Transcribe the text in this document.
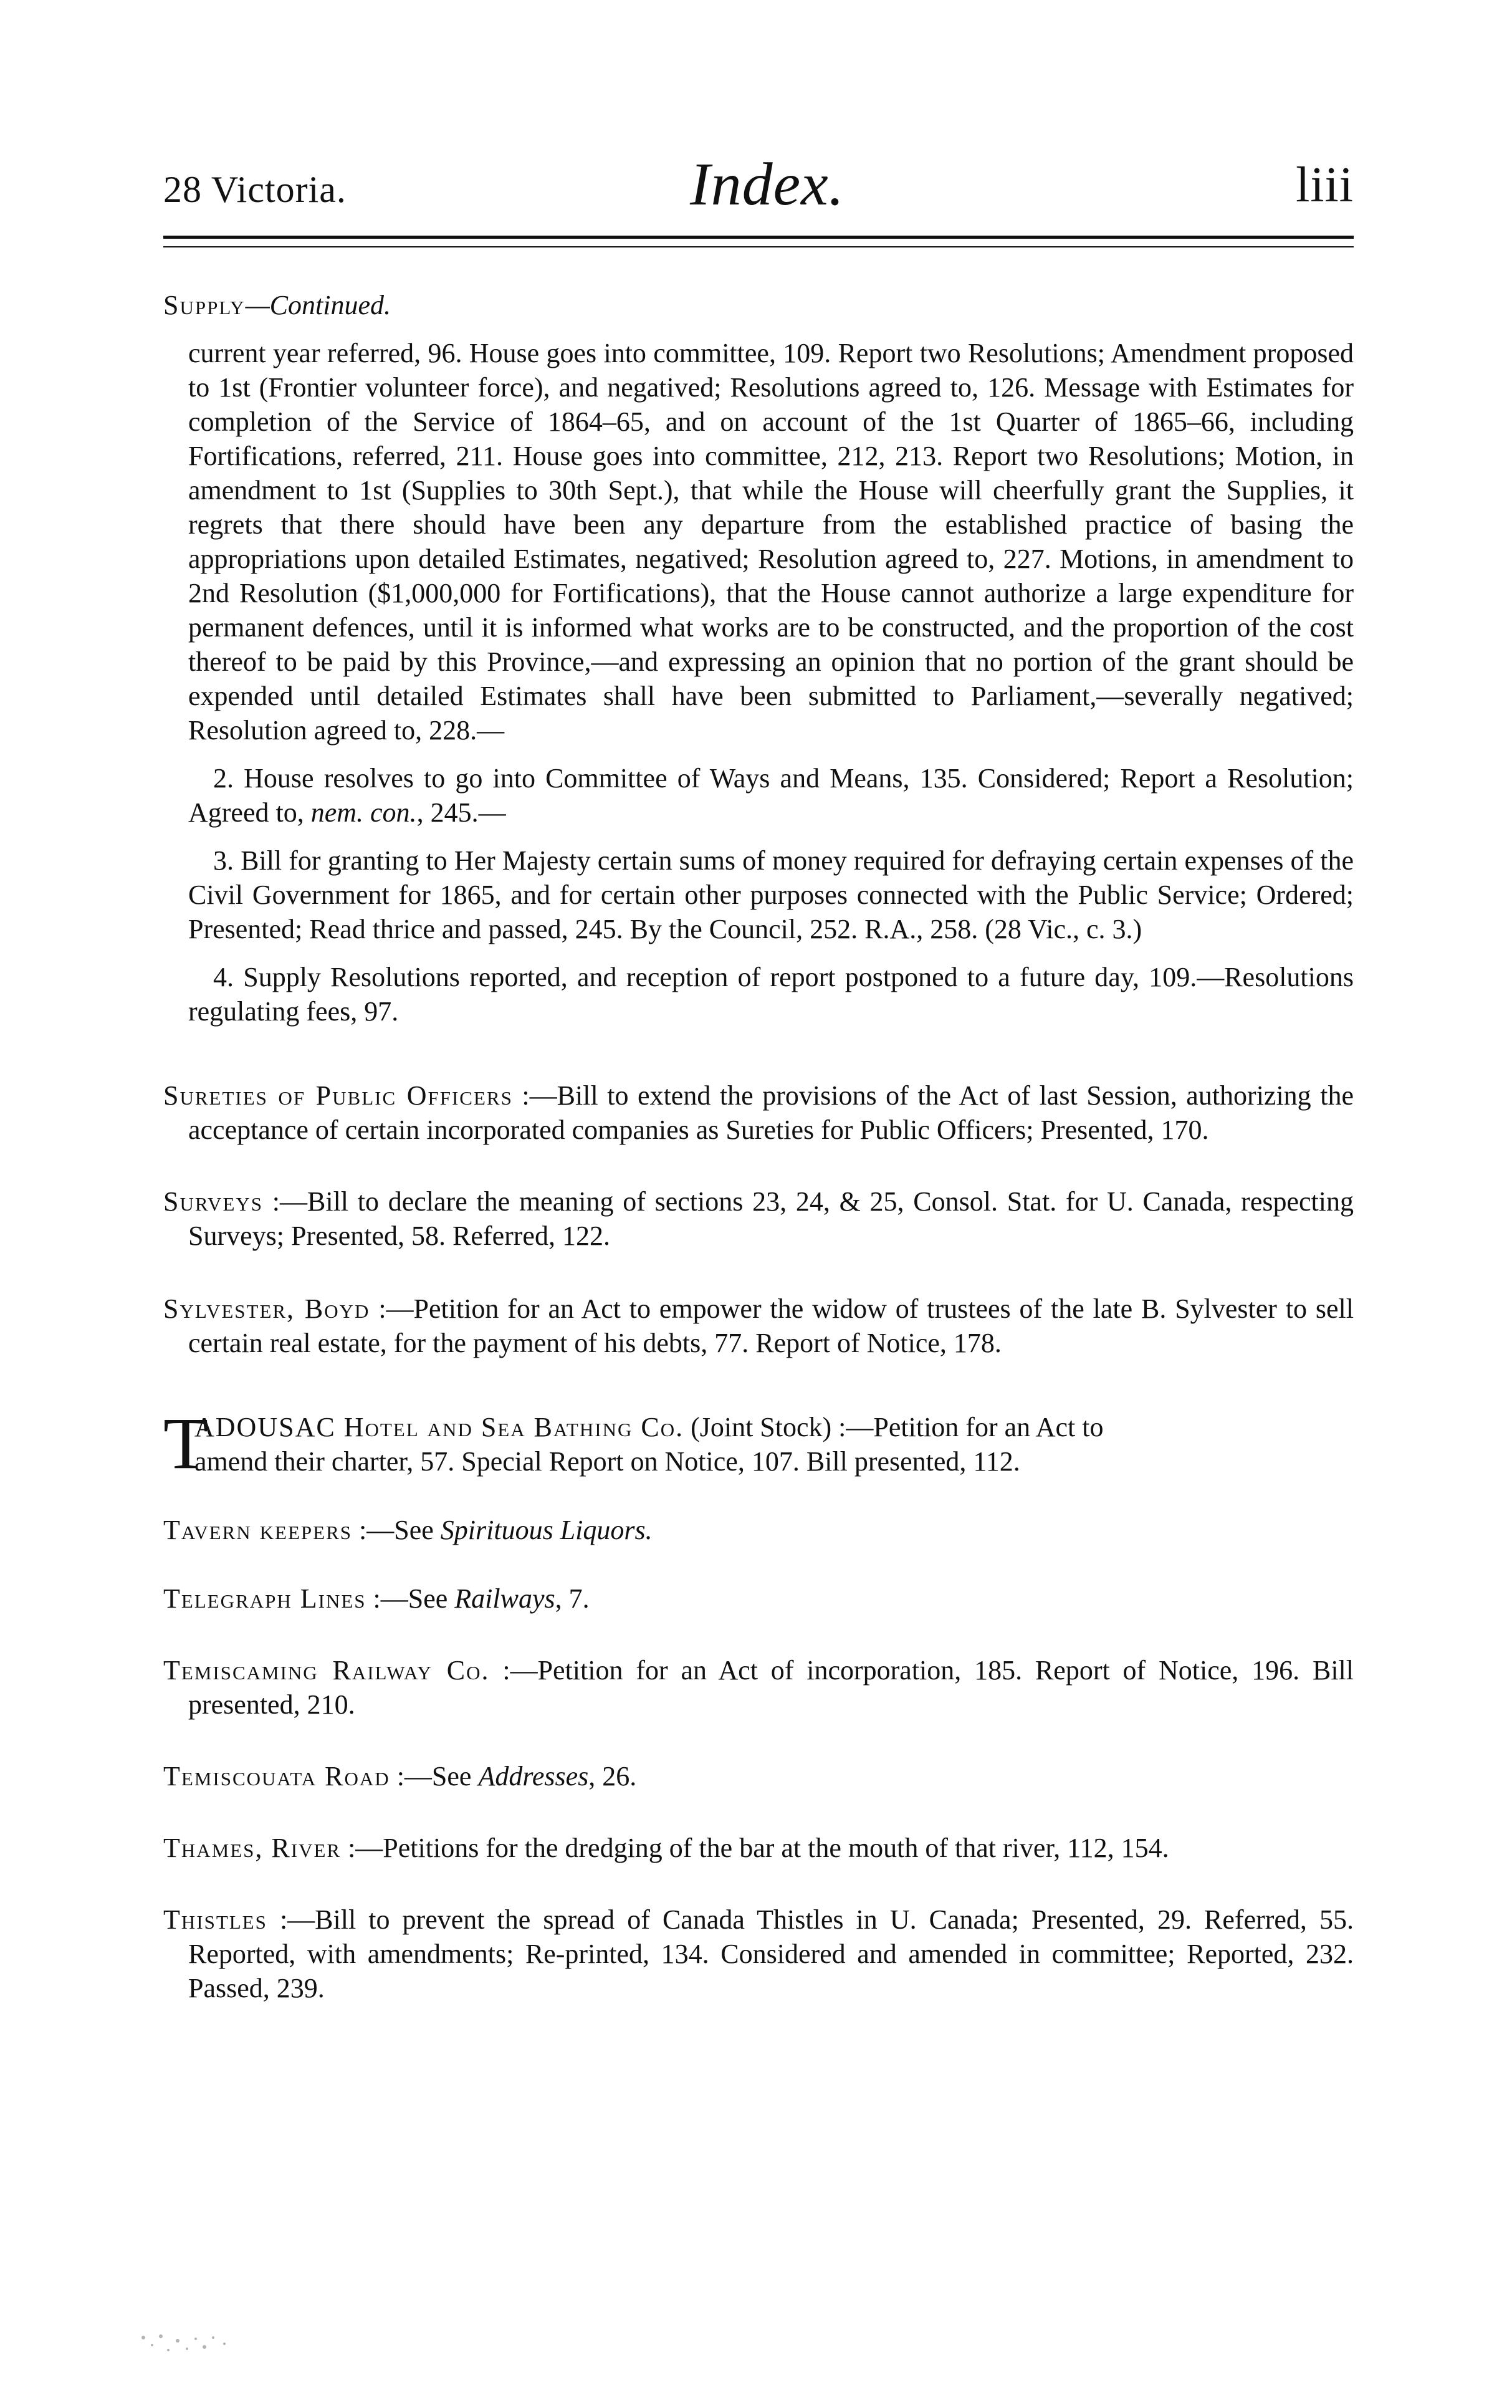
28 Victoria.	Index.	liii

Supply—Continued.

current year referred, 96. House goes into committee, 109. Report two Resolutions; Amendment proposed to 1st (Frontier volunteer force), and negatived; Resolutions agreed to, 126. Message with Estimates for completion of the Service of 1864–65, and on account of the 1st Quarter of 1865–66, including Fortifications, referred, 211. House goes into committee, 212, 213. Report two Resolutions; Motion, in amendment to 1st (Supplies to 30th Sept.), that while the House will cheerfully grant the Supplies, it regrets that there should have been any departure from the established practice of basing the appropriations upon detailed Estimates, negatived; Resolution agreed to, 227. Motions, in amendment to 2nd Resolution ($1,000,000 for Fortifications), that the House cannot authorize a large expenditure for permanent defences, until it is informed what works are to be constructed, and the proportion of the cost thereof to be paid by this Province,—and expressing an opinion that no portion of the grant should be expended until detailed Estimates shall have been submitted to Parliament,—severally negatived; Resolution agreed to, 228.—

2. House resolves to go into Committee of Ways and Means, 135. Considered; Report a Resolution; Agreed to, nem. con., 245.—

3. Bill for granting to Her Majesty certain sums of money required for defraying certain expenses of the Civil Government for 1865, and for certain other purposes connected with the Public Service; Ordered; Presented; Read thrice and passed, 245. By the Council, 252. R.A., 258. (28 Vic., c. 3.)

4. Supply Resolutions reported, and reception of report postponed to a future day, 109.—Resolutions regulating fees, 97.

Sureties of Public Officers :—Bill to extend the provisions of the Act of last Session, authorizing the acceptance of certain incorporated companies as Sureties for Public Officers; Presented, 170.

Surveys :—Bill to declare the meaning of sections 23, 24, & 25, Consol. Stat. for U. Canada, respecting Surveys; Presented, 58. Referred, 122.

Sylvester, Boyd :—Petition for an Act to empower the widow of trustees of the late B. Sylvester to sell certain real estate, for the payment of his debts, 77. Report of Notice, 178.

T
ADOUSAC Hotel and Sea Bathing Co. (Joint Stock) :—Petition for an Act to
amend their charter, 57. Special Report on Notice, 107. Bill presented, 112.

Tavern keepers :—See Spirituous Liquors.

Telegraph Lines :—See Railways, 7.

Temiscaming Railway Co. :—Petition for an Act of incorporation, 185. Report of Notice, 196. Bill presented, 210.

Temiscouata Road :—See Addresses, 26.

Thames, River :—Petitions for the dredging of the bar at the mouth of that river, 112, 154.

Thistles :—Bill to prevent the spread of Canada Thistles in U. Canada; Presented, 29. Referred, 55. Reported, with amendments; Re-printed, 134. Considered and amended in committee; Reported, 232. Passed, 239.
